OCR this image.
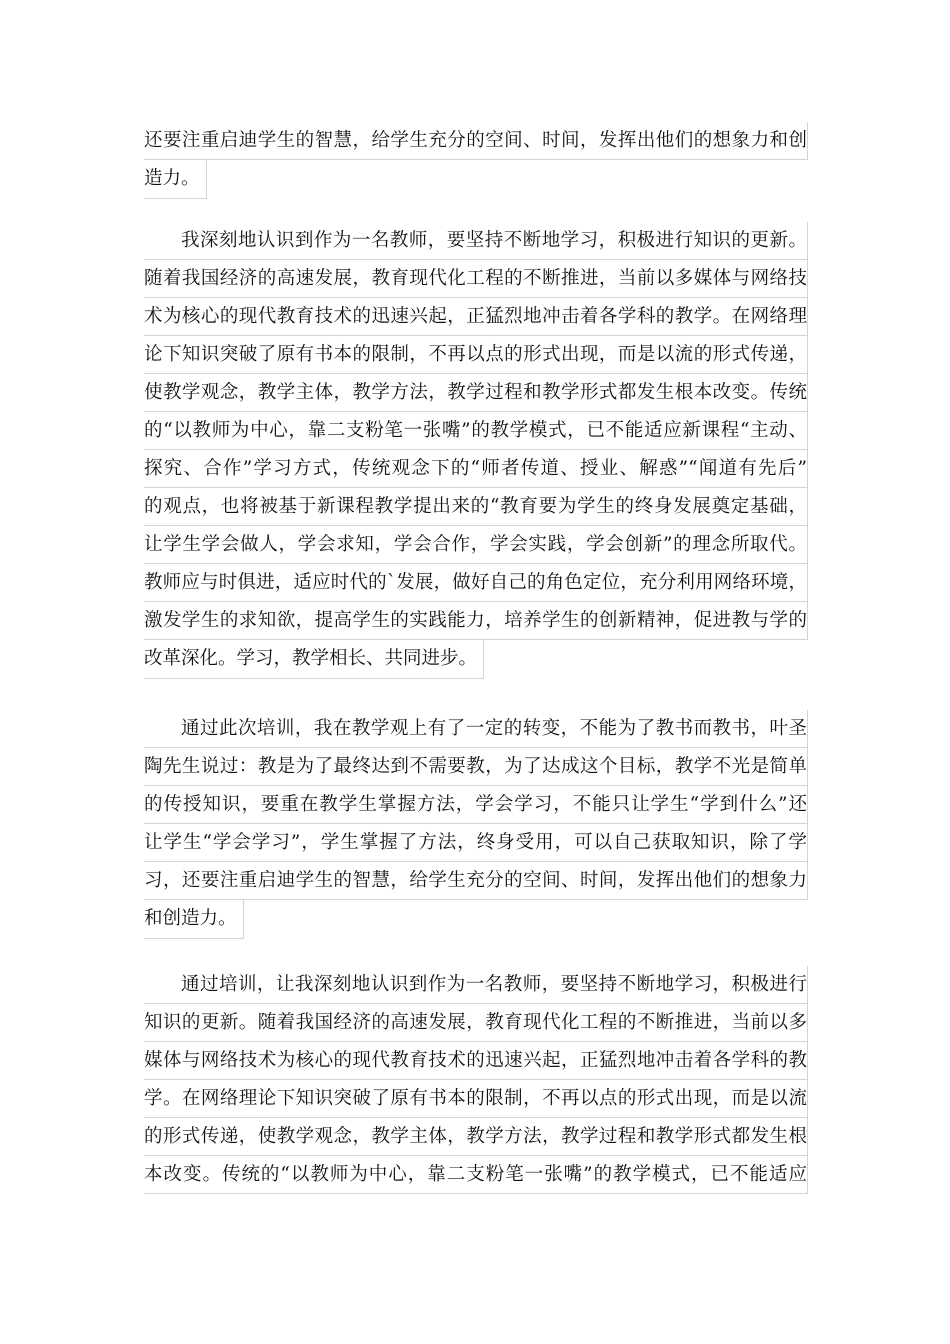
还要注重启迪学生的智慧，给学生充分的空间、时间，发挥出他们的想象力和创
造力。
我深刻地认识到作为一名教师，要坚持不断地学习，积极进行知识的更新。
随着我国经济的高速发展，教育现代化工程的不断推进，当前以多媒体与网络技
术为核心的现代教育技术的迅速兴起，正猛烈地冲击着各学科的教学。在网络理
论下知识突破了原有书本的限制，不再以点的形式出现，而是以流的形式传递，
使教学观念，教学主体，教学方法，教学过程和教学形式都发生根本改变。传统
的“以教师为中心，靠二支粉笔一张嘴”的教学模式，已不能适应新课程“主动、
探究、合作”学习方式，传统观念下的“师者传道、授业、解惑”“闻道有先后”
的观点，也将被基于新课程教学提出来的“教育要为学生的终身发展奠定基础，
让学生学会做人，学会求知，学会合作，学会实践，学会创新”的理念所取代。
教师应与时俱进，适应时代的`发展，做好自己的角色定位，充分利用网络环境，
激发学生的求知欲，提高学生的实践能力，培养学生的创新精神，促进教与学的
改革深化。学习，教学相长、共同进步。
通过此次培训，我在教学观上有了一定的转变，不能为了教书而教书，叶圣
陶先生说过：教是为了最终达到不需要教，为了达成这个目标，教学不光是简单
的传授知识，要重在教学生掌握方法，学会学习，不能只让学生“学到什么”还
让学生“学会学习”，学生掌握了方法，终身受用，可以自己获取知识，除了学
习，还要注重启迪学生的智慧，给学生充分的空间、时间，发挥出他们的想象力
和创造力。
通过培训，让我深刻地认识到作为一名教师，要坚持不断地学习，积极进行
知识的更新。随着我国经济的高速发展，教育现代化工程的不断推进，当前以多
媒体与网络技术为核心的现代教育技术的迅速兴起，正猛烈地冲击着各学科的教
学。在网络理论下知识突破了原有书本的限制，不再以点的形式出现，而是以流
的形式传递，使教学观念，教学主体，教学方法，教学过程和教学形式都发生根
本改变。传统的“以教师为中心，靠二支粉笔一张嘴”的教学模式，已不能适应
